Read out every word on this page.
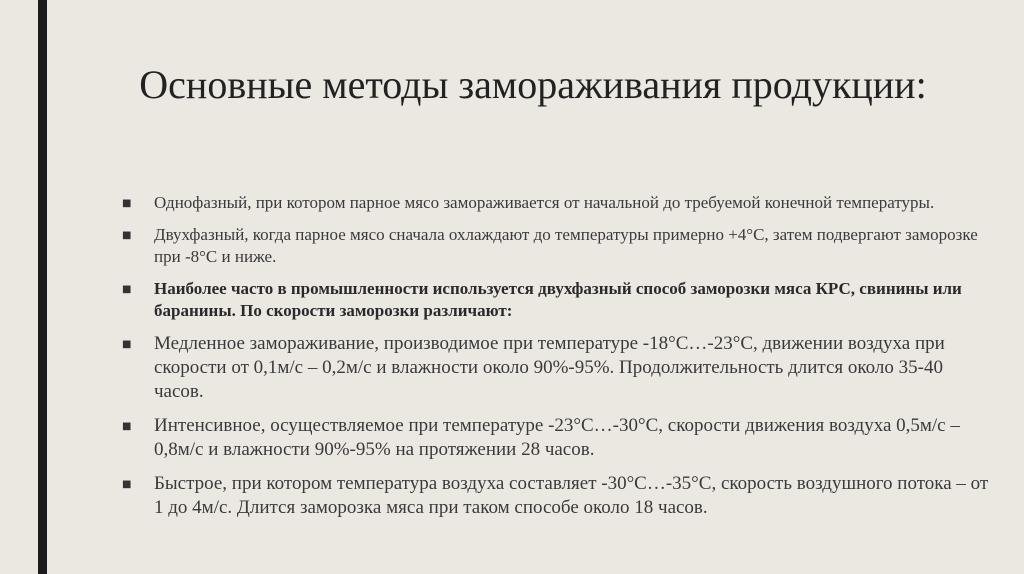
Основные методы замораживания продукции:
■ Однофазный, при котором парное мясо замораживается от начальной до требуемой конечной температуры.
■ Двухфазный, когда парное мясо сначала охлаждают до температуры примерно +4°С, затем подвергают заморозке при -8°С и ниже.
■ Наиболее часто в промышленности используется двухфазный способ заморозки мяса КРС, свинины или баранины. По скорости заморозки различают:
■ Медленное замораживание, производимое при температуре -18°С…-23°С, движении воздуха при скорости от 0,1м/с – 0,2м/с и влажности около 90%-95%. Продолжительность длится около 35-40 часов.
■ Интенсивное, осуществляемое при температуре -23°С…-30°С, скорости движения воздуха 0,5м/с – 0,8м/с и влажности 90%-95% на протяжении 28 часов.
■ Быстрое, при котором температура воздуха составляет -30°С…-35°С, скорость воздушного потока – от 1 до 4м/с. Длится заморозка мяса при таком способе около 18 часов.
